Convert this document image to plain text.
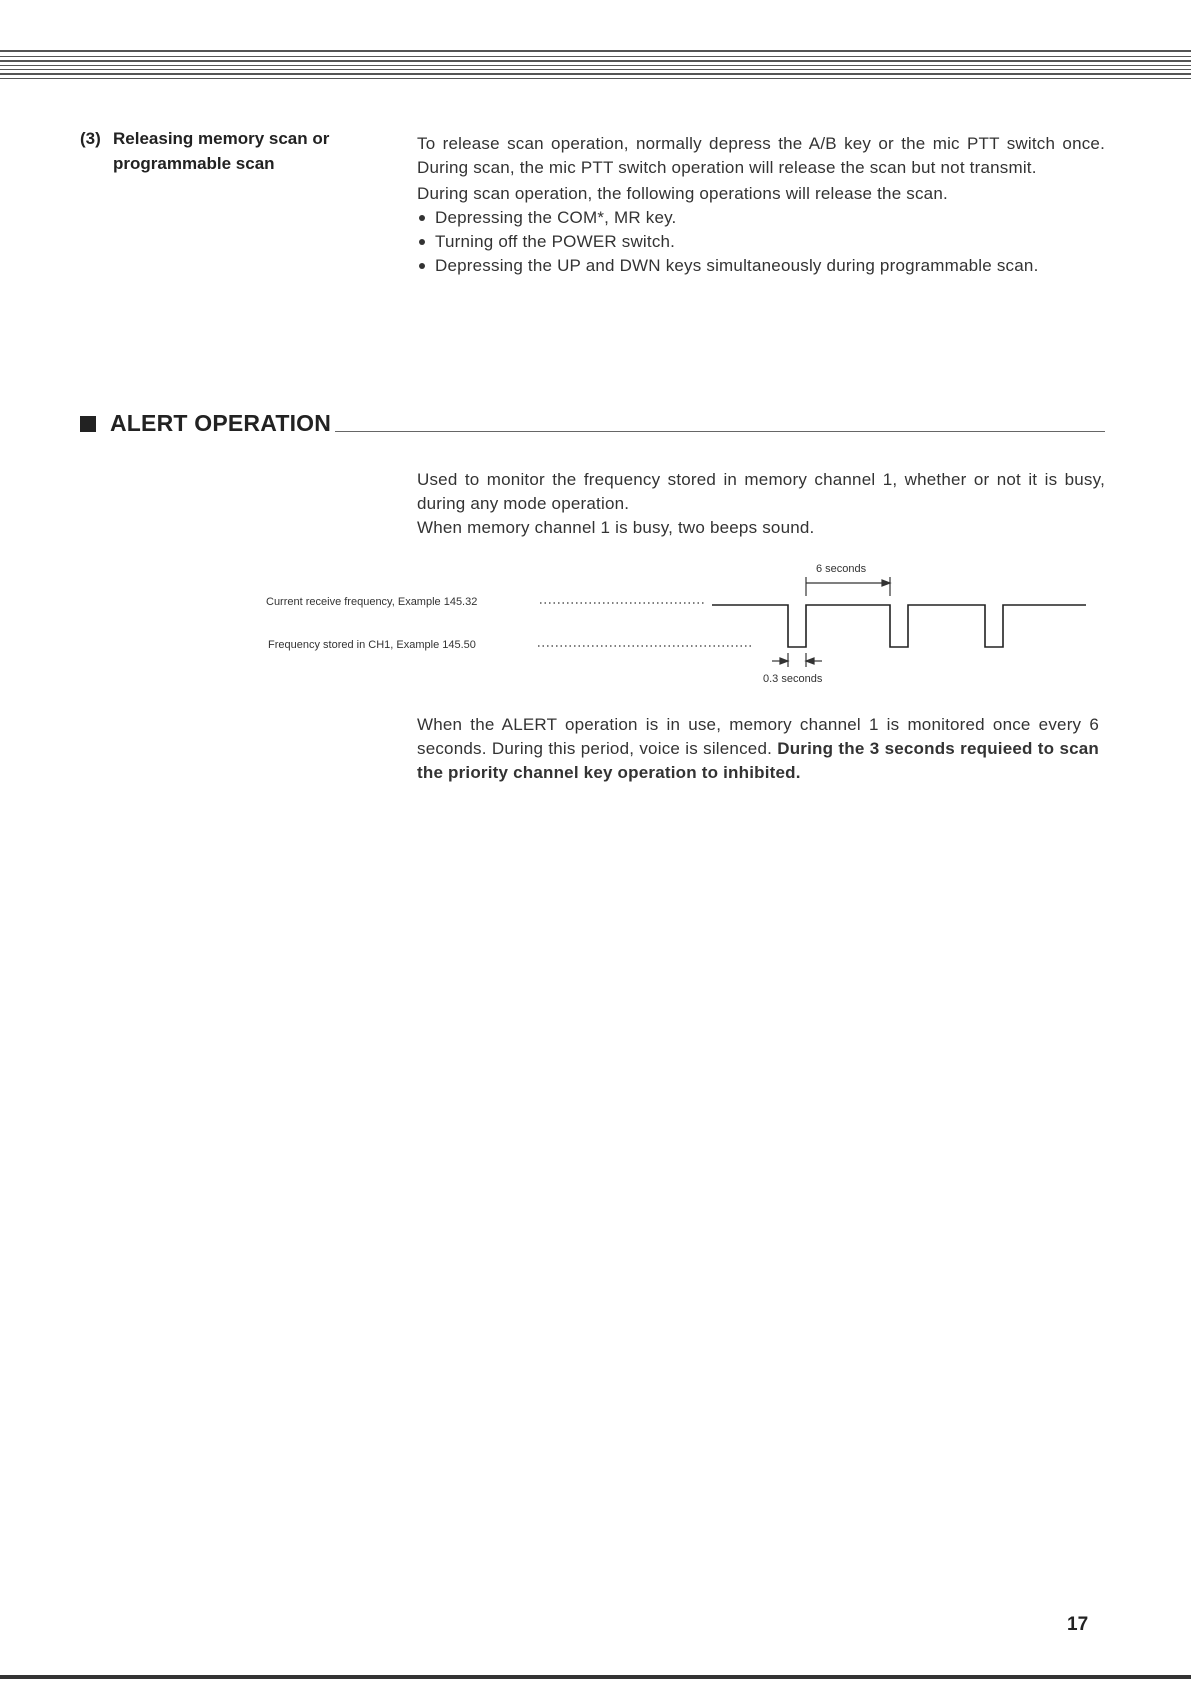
(3) Releasing memory scan or
programmable scan

To release scan operation, normally depress the A/B key or the mic PTT switch once. During scan, the mic PTT switch operation will release the scan but not transmit.

During scan operation, the following operations will release the scan.

Depressing the COM*, MR key.
Turning off the POWER switch.
Depressing the UP and DWN keys simultaneously during programmable scan.
ALERT OPERATION

Used to monitor the frequency stored in memory channel 1, whether or not it is busy, during any mode operation.

When memory channel 1 is busy, two beeps sound.

Current receive frequency, Example 145.32
Frequency stored in CH1, Example 145.50
6 seconds
0.3 seconds

When the ALERT operation is in use, memory channel 1 is monitored once every 6 seconds. During this period, voice is silenced. During the 3 seconds requieed to scan the priority channel key operation to inhibited.

17
